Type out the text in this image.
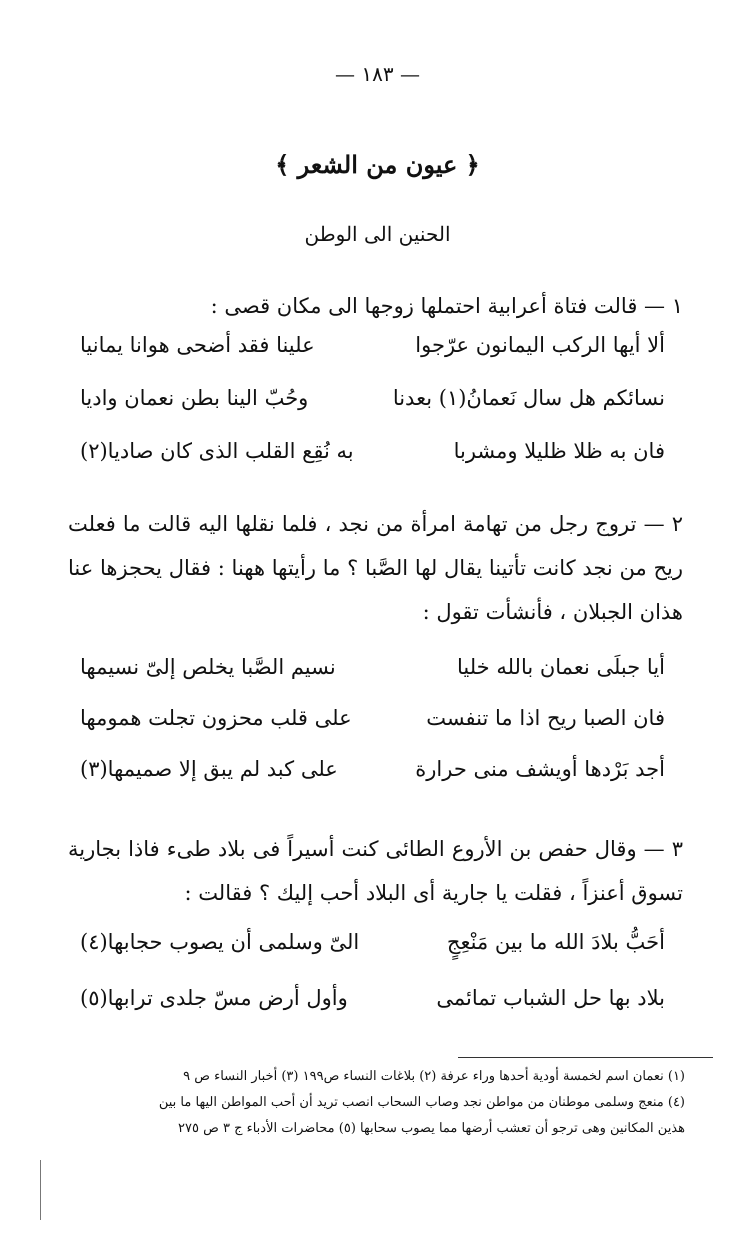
— ١٨٣ —
﴿ عيون من الشعر ﴾
الحنين الى الوطن
١ — قالت فتاة أعرابية احتملها زوجها الى مكان قصى :
ألا أيها الركب اليمانون عرّجوا
علينا فقد أضحى هوانا يمانيا
نسائكم هل سال نَعمانُ(١) بعدنا
وحُبّ الينا بطن نعمان واديا
فان به ظلا ظليلا ومشربا
به نُقِع القلب الذى كان صاديا(٢)
٢ — تروج رجل من تهامة امرأة من نجد ، فلما نقلها اليه قالت ما فعلت ريح من نجد كانت تأتينا يقال لها الصَّبا ؟ ما رأيتها ههنا : فقال يحجزها عنا هذان الجبلان ، فأنشأت تقول :
أيا جبلَى نعمان بالله خليا
نسيم الصَّبا يخلص إلىّ نسيمها
فان الصبا ريح اذا ما تنفست
على قلب محزون تجلت همومها
أجد بَرْدها أويشف منى حرارة
على كبد لم يبق إلا صميمها(٣)
٣ — وقال حفص بن الأروع الطائى كنت أسيراً فى بلاد طىء فاذا بجارية تسوق أعنزاً ، فقلت يا جارية أى البلاد أحب إليك ؟ فقالت :
أحَبُّ بلادَ الله ما بين مَنْعِجٍ
الىّ وسلمى أن يصوب حجابها(٤)
بلاد بها حل الشباب تمائمى
وأول أرض مسّ جلدى ترابها(٥)
(١) نعمان اسم لخمسة أودية أحدها وراء عرفة (٢) بلاغات النساء ص١٩٩ (٣) أخبار النساء ص ٩
(٤) منعج وسلمى موطنان من مواطن نجد وصاب السحاب انصب تريد أن أحب المواطن اليها ما بين
هذين المكانين وهى ترجو أن تعشب أرضها مما يصوب سحابها (٥) محاضرات الأدباء ج ٣ ص ٢٧٥
